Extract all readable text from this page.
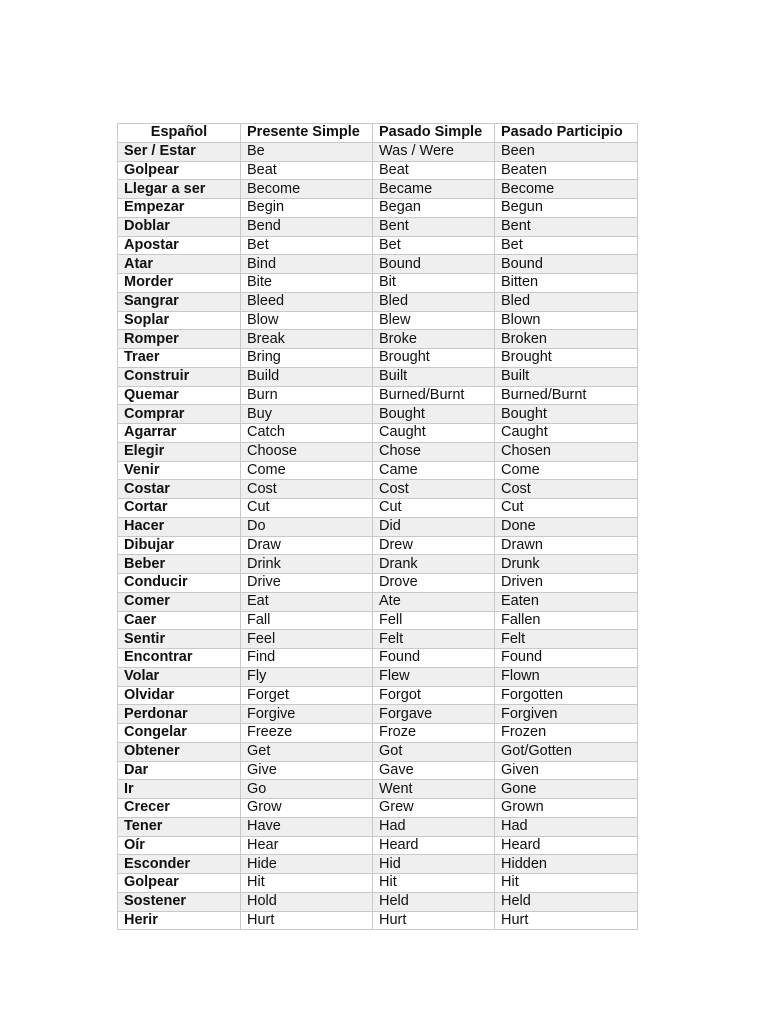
Español	Presente Simple	Pasado Simple	Pasado Participio
Ser / Estar	Be	Was / Were	Been
Golpear	Beat	Beat	Beaten
Llegar a ser	Become	Became	Become
Empezar	Begin	Began	Begun
Doblar	Bend	Bent	Bent
Apostar	Bet	Bet	Bet
Atar	Bind	Bound	Bound
Morder	Bite	Bit	Bitten
Sangrar	Bleed	Bled	Bled
Soplar	Blow	Blew	Blown
Romper	Break	Broke	Broken
Traer	Bring	Brought	Brought
Construir	Build	Built	Built
Quemar	Burn	Burned/Burnt	Burned/Burnt
Comprar	Buy	Bought	Bought
Agarrar	Catch	Caught	Caught
Elegir	Choose	Chose	Chosen
Venir	Come	Came	Come
Costar	Cost	Cost	Cost
Cortar	Cut	Cut	Cut
Hacer	Do	Did	Done
Dibujar	Draw	Drew	Drawn
Beber	Drink	Drank	Drunk
Conducir	Drive	Drove	Driven
Comer	Eat	Ate	Eaten
Caer	Fall	Fell	Fallen
Sentir	Feel	Felt	Felt
Encontrar	Find	Found	Found
Volar	Fly	Flew	Flown
Olvidar	Forget	Forgot	Forgotten
Perdonar	Forgive	Forgave	Forgiven
Congelar	Freeze	Froze	Frozen
Obtener	Get	Got	Got/Gotten
Dar	Give	Gave	Given
Ir	Go	Went	Gone
Crecer	Grow	Grew	Grown
Tener	Have	Had	Had
Oír	Hear	Heard	Heard
Esconder	Hide	Hid	Hidden
Golpear	Hit	Hit	Hit
Sostener	Hold	Held	Held
Herir	Hurt	Hurt	Hurt
